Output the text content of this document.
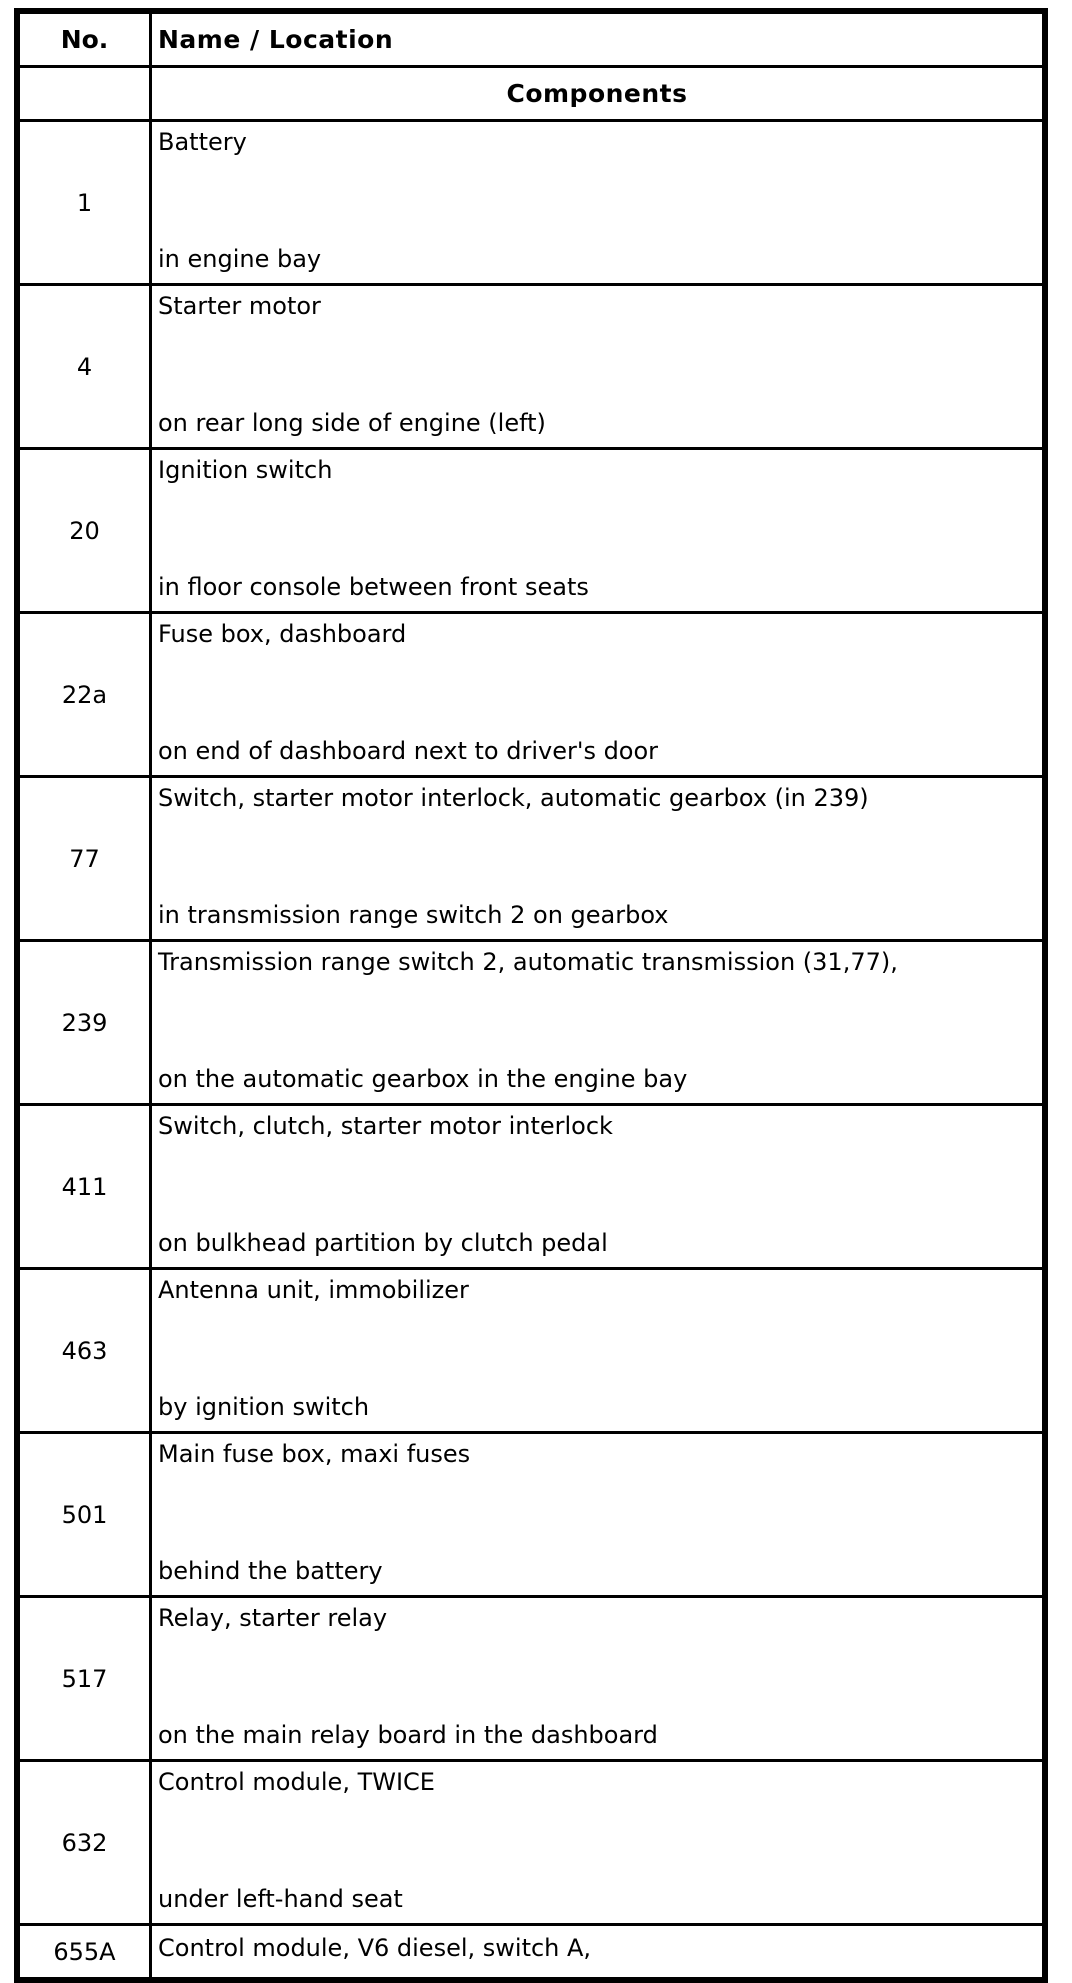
No.	Name / Location
	Components
1	Battery
in engine bay

4	Starter motor
on rear long side of engine (left)

20	Ignition switch
in floor console between front seats

22a	Fuse box, dashboard
on end of dashboard next to driver's door

77	Switch, starter motor interlock, automatic gearbox (in 239)
in transmission range switch 2 on gearbox

239	Transmission range switch 2, automatic transmission (31,77),
on the automatic gearbox in the engine bay

411	Switch, clutch, starter motor interlock
on bulkhead partition by clutch pedal

463	Antenna unit, immobilizer
by ignition switch

501	Main fuse box, maxi fuses
behind the battery

517	Relay, starter relay
on the main relay board in the dashboard

632	Control module, TWICE
under left-hand seat

655A	Control module, V6 diesel, switch A,
